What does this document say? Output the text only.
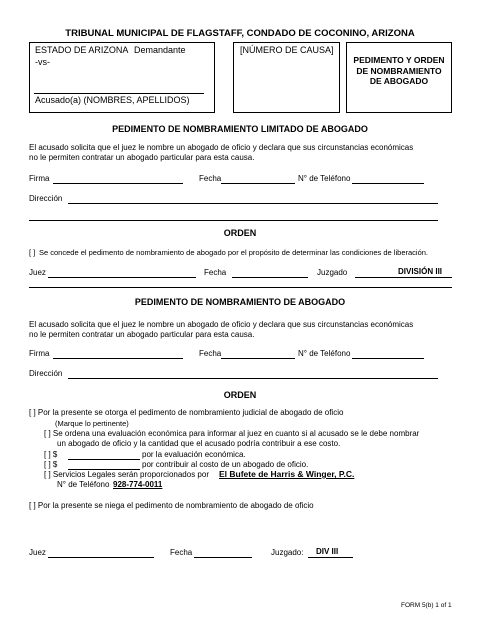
TRIBUNAL MUNICIPAL DE FLAGSTAFF, CONDADO DE COCONINO, ARIZONA
ESTADO DE ARIZONA Demandante
-vs-
Acusado(a) (NOMBRES, APELLIDOS)
[NÚMERO DE CAUSA]
PEDIMENTO Y ORDEN DE NOMBRAMIENTO DE ABOGADO
PEDIMENTO DE NOMBRAMIENTO LIMITADO DE ABOGADO
El acusado solicita que el juez le nombre un abogado de oficio y declara que sus circunstancias económicas
no le permiten contratar un abogado particular para esta causa.
Firma	Fecha	N° de Teléfono
Dirección
ORDEN
[ ] Se concede el pedimento de nombramiento de abogado por el propósito de determinar las condiciones de liberación.
Juez	Fecha	Juzgado	DIVISIÓN III
PEDIMENTO DE NOMBRAMIENTO DE ABOGADO
El acusado solicita que el juez le nombre un abogado de oficio y declara que sus circunstancias económicas
no le permiten contratar un abogado particular para esta causa.
Firma	Fecha	N° de Teléfono
Dirección
ORDEN
[ ] Por la presente se otorga el pedimento de nombramiento judicial de abogado de oficio
(Marque lo pertinente)
[ ] Se ordena una evaluación económica para informar al juez en cuanto si al acusado se le debe nombrar
un abogado de oficio y la cantidad que el acusado podría contribuir a ese costo.
[ ] $	por la evaluación económica.
[ ] $	por contribuir al costo de un abogado de oficio.
[ ] Servicios Legales serán proporcionados por El Bufete de Harris & Winger, P.C.
N° de Teléfono 928-774-0011
[ ] Por la presente se niega el pedimento de nombramiento de abogado de oficio
Juez	Fecha	Juzgado: DIV III
FORM 5(b) 1 of 1
